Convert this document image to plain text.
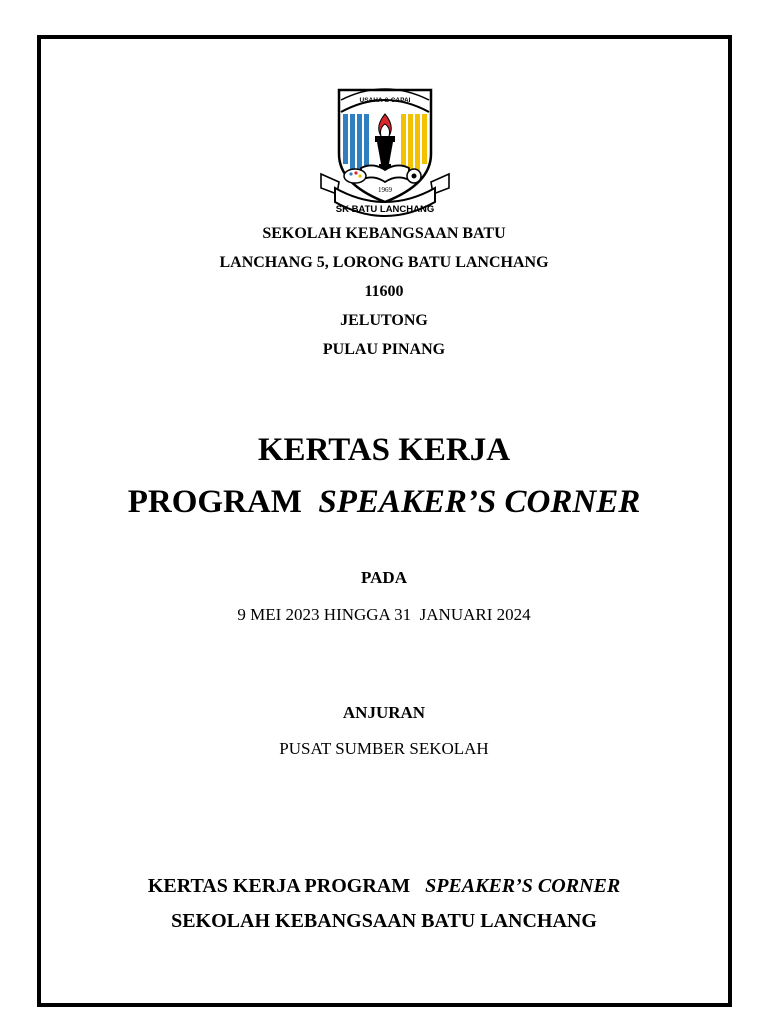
1969
USAHA & CAPAI
SK BATU LANCHANG
SEKOLAH KEBANGSAAN BATU
LANCHANG 5, LORONG BATU LANCHANG
11600
JELUTONG
PULAU PINANG
KERTAS KERJA
PROGRAM  SPEAKER’S CORNER
PADA
9 MEI 2023 HINGGA 31  JANUARI 2024
ANJURAN
PUSAT SUMBER SEKOLAH
KERTAS KERJA PROGRAM   SPEAKER’S CORNER
SEKOLAH KEBANGSAAN BATU LANCHANG
